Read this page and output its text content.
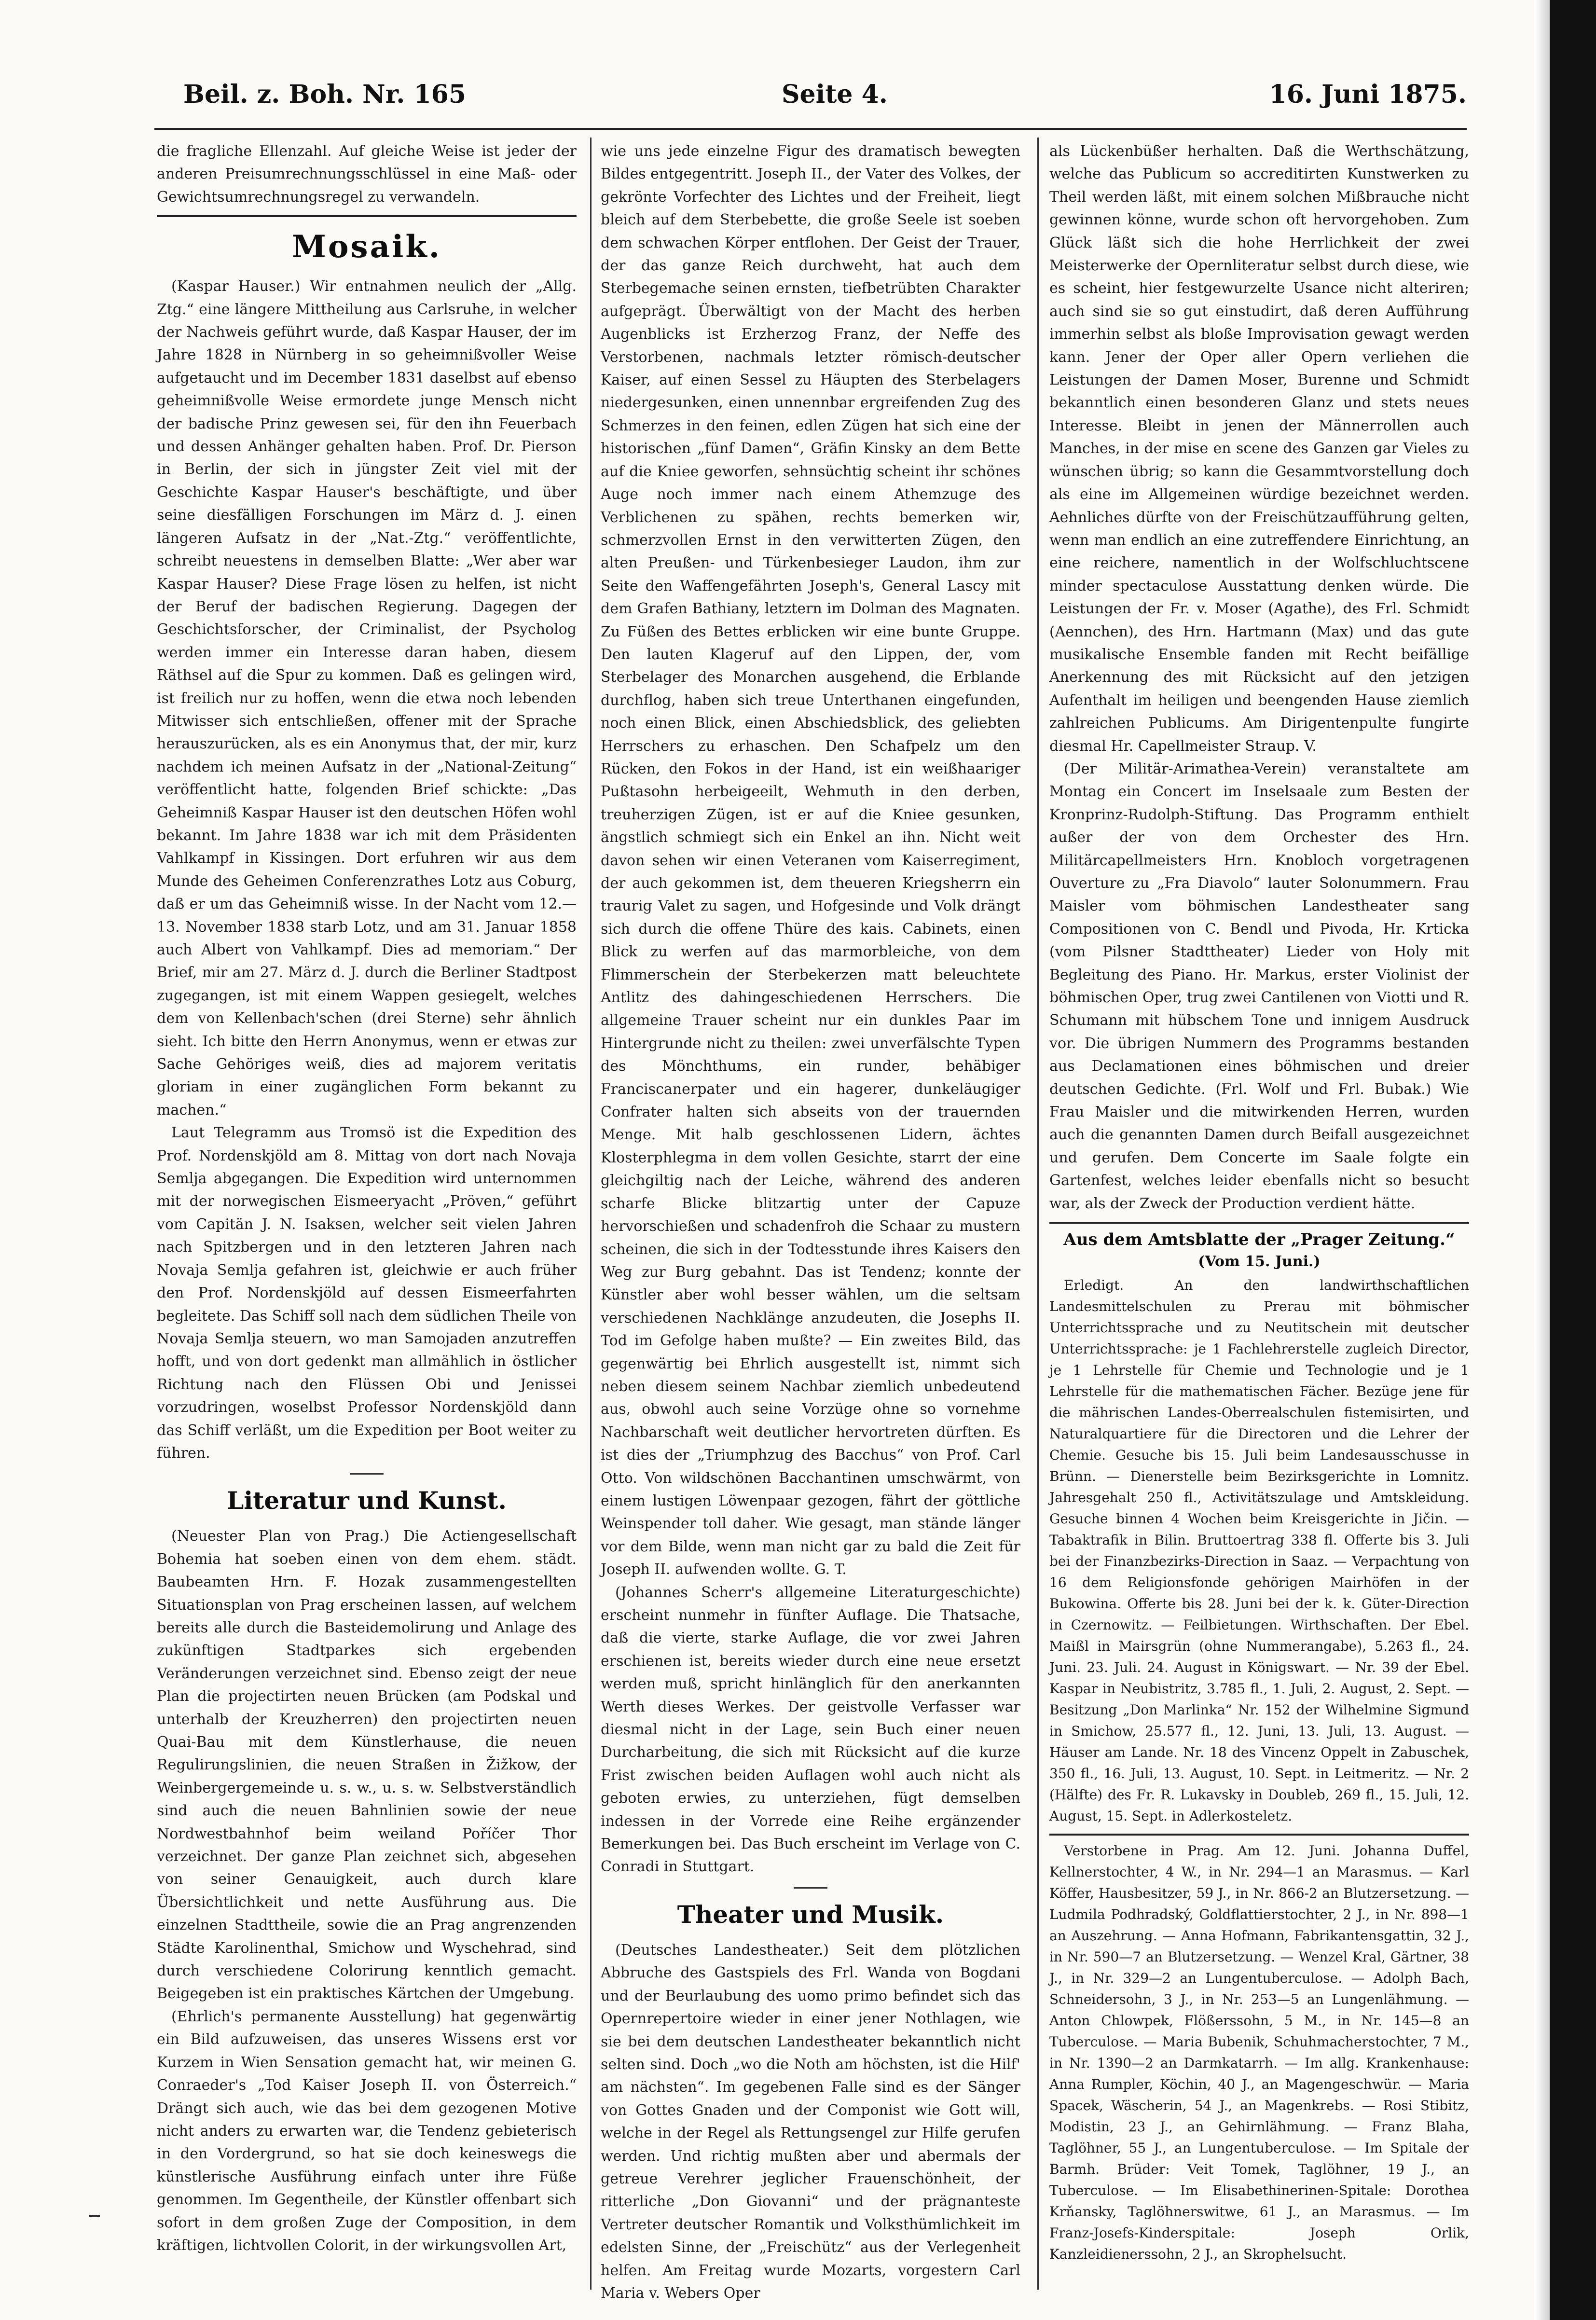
Beil. z. Boh. Nr. 165	Seite 4.	16. Juni 1875.

die fragliche Ellenzahl. Auf gleiche Weise ist jeder der anderen Preisumrechnungsschlüssel in eine Maß- oder Gewichtsumrechnungsregel zu verwandeln.

Mosaik.

(Kaspar Hauser.) Wir entnahmen neulich der „Allg. Ztg.“ eine längere Mittheilung aus Carlsruhe, in welcher der Nachweis geführt wurde, daß Kaspar Hauser, der im Jahre 1828 in Nürnberg in so geheimnißvoller Weise aufgetaucht und im December 1831 daselbst auf ebenso geheimnißvolle Weise ermordete junge Mensch nicht der badische Prinz gewesen sei, für den ihn Feuerbach und dessen Anhänger gehalten haben. Prof. Dr. Pierson in Berlin, der sich in jüngster Zeit viel mit der Geschichte Kaspar Hauser's beschäftigte, und über seine diesfälligen Forschungen im März d. J. einen längeren Aufsatz in der „Nat.-Ztg.“ veröffentlichte, schreibt neuestens in demselben Blatte: „Wer aber war Kaspar Hauser? Diese Frage lösen zu helfen, ist nicht der Beruf der badischen Regierung. Dagegen der Geschichtsforscher, der Criminalist, der Psycholog werden immer ein Interesse daran haben, diesem Räthsel auf die Spur zu kommen. Daß es gelingen wird, ist freilich nur zu hoffen, wenn die etwa noch lebenden Mitwisser sich entschließen, offener mit der Sprache herauszurücken, als es ein Anonymus that, der mir, kurz nachdem ich meinen Aufsatz in der „National-Zeitung“ veröffentlicht hatte, folgenden Brief schickte: „Das Geheimniß Kaspar Hauser ist den deutschen Höfen wohl bekannt. Im Jahre 1838 war ich mit dem Präsidenten Vahlkampf in Kissingen. Dort erfuhren wir aus dem Munde des Geheimen Conferenzrathes Lotz aus Coburg, daß er um das Geheimniß wisse. In der Nacht vom 12.—13. November 1838 starb Lotz, und am 31. Januar 1858 auch Albert von Vahlkampf. Dies ad memoriam.“ Der Brief, mir am 27. März d. J. durch die Berliner Stadtpost zugegangen, ist mit einem Wappen gesiegelt, welches dem von Kellenbach'schen (drei Sterne) sehr ähnlich sieht. Ich bitte den Herrn Anonymus, wenn er etwas zur Sache Gehöriges weiß, dies ad majorem veritatis gloriam in einer zugänglichen Form bekannt zu machen.“

Laut Telegramm aus Tromsö ist die Expedition des Prof. Nordenskjöld am 8. Mittag von dort nach Novaja Semlja abgegangen. Die Expedition wird unternommen mit der norwegischen Eismeeryacht „Pröven,“ geführt vom Capitän J. N. Isaksen, welcher seit vielen Jahren nach Spitzbergen und in den letzteren Jahren nach Novaja Semlja gefahren ist, gleichwie er auch früher den Prof. Nordenskjöld auf dessen Eismeerfahrten begleitete. Das Schiff soll nach dem südlichen Theile von Novaja Semlja steuern, wo man Samojaden anzutreffen hofft, und von dort gedenkt man allmählich in östlicher Richtung nach den Flüssen Obi und Jenissei vorzudringen, woselbst Professor Nordenskjöld dann das Schiff verläßt, um die Expedition per Boot weiter zu führen.

Literatur und Kunst.

(Neuester Plan von Prag.) Die Actiengesellschaft Bohemia hat soeben einen von dem ehem. städt. Baubeamten Hrn. F. Hozak zusammengestellten Situationsplan von Prag erscheinen lassen, auf welchem bereits alle durch die Basteidemolirung und Anlage des zukünftigen Stadtparkes sich ergebenden Veränderungen verzeichnet sind. Ebenso zeigt der neue Plan die projectirten neuen Brücken (am Podskal und unterhalb der Kreuzherren) den projectirten neuen Quai-Bau mit dem Künstlerhause, die neuen Regulirungslinien, die neuen Straßen in Žižkow, der Weinbergergemeinde u. s. w., u. s. w. Selbstverständlich sind auch die neuen Bahnlinien sowie der neue Nordwestbahnhof beim weiland Poříčer Thor verzeichnet. Der ganze Plan zeichnet sich, abgesehen von seiner Genauigkeit, auch durch klare Übersichtlichkeit und nette Ausführung aus. Die einzelnen Stadttheile, sowie die an Prag angrenzenden Städte Karolinenthal, Smichow und Wyschehrad, sind durch verschiedene Colorirung kenntlich gemacht. Beigegeben ist ein praktisches Kärtchen der Umgebung.

(Ehrlich's permanente Ausstellung) hat gegenwärtig ein Bild aufzuweisen, das unseres Wissens erst vor Kurzem in Wien Sensation gemacht hat, wir meinen G. Conraeder's „Tod Kaiser Joseph II. von Österreich.“ Drängt sich auch, wie das bei dem gezogenen Motive nicht anders zu erwarten war, die Tendenz gebieterisch in den Vordergrund, so hat sie doch keineswegs die künstlerische Ausführung einfach unter ihre Füße genommen. Im Gegentheile, der Künstler offenbart sich sofort in dem großen Zuge der Composition, in dem kräftigen, lichtvollen Colorit, in der wirkungsvollen Art,

wie uns jede einzelne Figur des dramatisch bewegten Bildes entgegentritt. Joseph II., der Vater des Volkes, der gekrönte Vorfechter des Lichtes und der Freiheit, liegt bleich auf dem Sterbebette, die große Seele ist soeben dem schwachen Körper entflohen. Der Geist der Trauer, der das ganze Reich durchweht, hat auch dem Sterbegemache seinen ernsten, tiefbetrübten Charakter aufgeprägt. Überwältigt von der Macht des herben Augenblicks ist Erzherzog Franz, der Neffe des Verstorbenen, nachmals letzter römisch-deutscher Kaiser, auf einen Sessel zu Häupten des Sterbelagers niedergesunken, einen unnennbar ergreifenden Zug des Schmerzes in den feinen, edlen Zügen hat sich eine der historischen „fünf Damen“, Gräfin Kinsky an dem Bette auf die Kniee geworfen, sehnsüchtig scheint ihr schönes Auge noch immer nach einem Athemzuge des Verblichenen zu spähen, rechts bemerken wir, schmerzvollen Ernst in den verwitterten Zügen, den alten Preußen- und Türkenbesieger Laudon, ihm zur Seite den Waffengefährten Joseph's, General Lascy mit dem Grafen Bathiany, letztern im Dolman des Magnaten. Zu Füßen des Bettes erblicken wir eine bunte Gruppe. Den lauten Klageruf auf den Lippen, der, vom Sterbelager des Monarchen ausgehend, die Erblande durchflog, haben sich treue Unterthanen eingefunden, noch einen Blick, einen Abschiedsblick, des geliebten Herrschers zu erhaschen. Den Schafpelz um den Rücken, den Fokos in der Hand, ist ein weißhaariger Pußtasohn herbeigeeilt, Wehmuth in den derben, treuherzigen Zügen, ist er auf die Kniee gesunken, ängstlich schmiegt sich ein Enkel an ihn. Nicht weit davon sehen wir einen Veteranen vom Kaiserregiment, der auch gekommen ist, dem theueren Kriegsherrn ein traurig Valet zu sagen, und Hofgesinde und Volk drängt sich durch die offene Thüre des kais. Cabinets, einen Blick zu werfen auf das marmorbleiche, von dem Flimmerschein der Sterbekerzen matt beleuchtete Antlitz des dahingeschiedenen Herrschers. Die allgemeine Trauer scheint nur ein dunkles Paar im Hintergrunde nicht zu theilen: zwei unverfälschte Typen des Mönchthums, ein runder, behäbiger Franciscanerpater und ein hagerer, dunkeläugiger Confrater halten sich abseits von der trauernden Menge. Mit halb geschlossenen Lidern, ächtes Klosterphlegma in dem vollen Gesichte, starrt der eine gleichgiltig nach der Leiche, während des anderen scharfe Blicke blitzartig unter der Capuze hervorschießen und schadenfroh die Schaar zu mustern scheinen, die sich in der Todtesstunde ihres Kaisers den Weg zur Burg gebahnt. Das ist Tendenz; konnte der Künstler aber wohl besser wählen, um die seltsam verschiedenen Nachklänge anzudeuten, die Josephs II. Tod im Gefolge haben mußte? — Ein zweites Bild, das gegenwärtig bei Ehrlich ausgestellt ist, nimmt sich neben diesem seinem Nachbar ziemlich unbedeutend aus, obwohl auch seine Vorzüge ohne so vornehme Nachbarschaft weit deutlicher hervortreten dürften. Es ist dies der „Triumphzug des Bacchus“ von Prof. Carl Otto. Von wildschönen Bacchantinen umschwärmt, von einem lustigen Löwenpaar gezogen, fährt der göttliche Weinspender toll daher. Wie gesagt, man stände länger vor dem Bilde, wenn man nicht gar zu bald die Zeit für Joseph II. aufwenden wollte. G. T.

(Johannes Scherr's allgemeine Literaturgeschichte) erscheint nunmehr in fünfter Auflage. Die Thatsache, daß die vierte, starke Auflage, die vor zwei Jahren erschienen ist, bereits wieder durch eine neue ersetzt werden muß, spricht hinlänglich für den anerkannten Werth dieses Werkes. Der geistvolle Verfasser war diesmal nicht in der Lage, sein Buch einer neuen Durcharbeitung, die sich mit Rücksicht auf die kurze Frist zwischen beiden Auflagen wohl auch nicht als geboten erwies, zu unterziehen, fügt demselben indessen in der Vorrede eine Reihe ergänzender Bemerkungen bei. Das Buch erscheint im Verlage von C. Conradi in Stuttgart.

Theater und Musik.

(Deutsches Landestheater.) Seit dem plötzlichen Abbruche des Gastspiels des Frl. Wanda von Bogdani und der Beurlaubung des uomo primo befindet sich das Opernrepertoire wieder in einer jener Nothlagen, wie sie bei dem deutschen Landestheater bekanntlich nicht selten sind. Doch „wo die Noth am höchsten, ist die Hilf' am nächsten“. Im gegebenen Falle sind es der Sänger von Gottes Gnaden und der Componist wie Gott will, welche in der Regel als Rettungsengel zur Hilfe gerufen werden. Und richtig mußten aber und abermals der getreue Verehrer jeglicher Frauenschönheit, der ritterliche „Don Giovanni“ und der prägnanteste Vertreter deutscher Romantik und Volksthümlichkeit im edelsten Sinne, der „Freischütz“ aus der Verlegenheit helfen. Am Freitag wurde Mozarts, vorgestern Carl Maria v. Webers Oper

als Lückenbüßer herhalten. Daß die Werthschätzung, welche das Publicum so accreditirten Kunstwerken zu Theil werden läßt, mit einem solchen Mißbrauche nicht gewinnen könne, wurde schon oft hervorgehoben. Zum Glück läßt sich die hohe Herrlichkeit der zwei Meisterwerke der Opernliteratur selbst durch diese, wie es scheint, hier festgewurzelte Usance nicht alteriren; auch sind sie so gut einstudirt, daß deren Aufführung immerhin selbst als bloße Improvisation gewagt werden kann. Jener der Oper aller Opern verliehen die Leistungen der Damen Moser, Burenne und Schmidt bekanntlich einen besonderen Glanz und stets neues Interesse. Bleibt in jenen der Männerrollen auch Manches, in der mise en scene des Ganzen gar Vieles zu wünschen übrig; so kann die Gesammtvorstellung doch als eine im Allgemeinen würdige bezeichnet werden. Aehnliches dürfte von der Freischützaufführung gelten, wenn man endlich an eine zutreffendere Einrichtung, an eine reichere, namentlich in der Wolfschluchtscene minder spectaculose Ausstattung denken würde. Die Leistungen der Fr. v. Moser (Agathe), des Frl. Schmidt (Aennchen), des Hrn. Hartmann (Max) und das gute musikalische Ensemble fanden mit Recht beifällige Anerkennung des mit Rücksicht auf den jetzigen Aufenthalt im heiligen und beengenden Hause ziemlich zahlreichen Publicums. Am Dirigentenpulte fungirte diesmal Hr. Capellmeister Straup. V.

(Der Militär-Arimathea-Verein) veranstaltete am Montag ein Concert im Inselsaale zum Besten der Kronprinz-Rudolph-Stiftung. Das Programm enthielt außer der von dem Orchester des Hrn. Militärcapellmeisters Hrn. Knobloch vorgetragenen Ouverture zu „Fra Diavolo“ lauter Solonummern. Frau Maisler vom böhmischen Landestheater sang Compositionen von C. Bendl und Pivoda, Hr. Krticka (vom Pilsner Stadttheater) Lieder von Holy mit Begleitung des Piano. Hr. Markus, erster Violinist der böhmischen Oper, trug zwei Cantilenen von Viotti und R. Schumann mit hübschem Tone und innigem Ausdruck vor. Die übrigen Nummern des Programms bestanden aus Declamationen eines böhmischen und dreier deutschen Gedichte. (Frl. Wolf und Frl. Bubak.) Wie Frau Maisler und die mitwirkenden Herren, wurden auch die genannten Damen durch Beifall ausgezeichnet und gerufen. Dem Concerte im Saale folgte ein Gartenfest, welches leider ebenfalls nicht so besucht war, als der Zweck der Production verdient hätte.

Aus dem Amtsblatte der „Prager Zeitung.“
(Vom 15. Juni.)

Erledigt. An den landwirthschaftlichen Landesmittelschulen zu Prerau mit böhmischer Unterrichtssprache und zu Neutitschein mit deutscher Unterrichtssprache: je 1 Fachlehrerstelle zugleich Director, je 1 Lehrstelle für Chemie und Technologie und je 1 Lehrstelle für die mathematischen Fächer. Bezüge jene für die mährischen Landes-Oberrealschulen fistemisirten, und Naturalquartiere für die Directoren und die Lehrer der Chemie. Gesuche bis 15. Juli beim Landesausschusse in Brünn. — Dienerstelle beim Bezirksgerichte in Lomnitz. Jahresgehalt 250 fl., Activitätszulage und Amtskleidung. Gesuche binnen 4 Wochen beim Kreisgerichte in Jičin. — Tabaktrafik in Bilin. Bruttoertrag 338 fl. Offerte bis 3. Juli bei der Finanzbezirks-Direction in Saaz. — Verpachtung von 16 dem Religionsfonde gehörigen Mairhöfen in der Bukowina. Offerte bis 28. Juni bei der k. k. Güter-Direction in Czernowitz. — Feilbietungen. Wirthschaften. Der Ebel. Maißl in Mairsgrün (ohne Nummerangabe), 5.263 fl., 24. Juni. 23. Juli. 24. August in Königswart. — Nr. 39 der Ebel. Kaspar in Neubistritz, 3.785 fl., 1. Juli, 2. August, 2. Sept. — Besitzung „Don Marlinka“ Nr. 152 der Wilhelmine Sigmund in Smichow, 25.577 fl., 12. Juni, 13. Juli, 13. August. — Häuser am Lande. Nr. 18 des Vincenz Oppelt in Zabuschek, 350 fl., 16. Juli, 13. August, 10. Sept. in Leitmeritz. — Nr. 2 (Hälfte) des Fr. R. Lukavsky in Doubleb, 269 fl., 15. Juli, 12. August, 15. Sept. in Adlerkosteletz.

Verstorbene in Prag. Am 12. Juni. Johanna Duffel, Kellnerstochter, 4 W., in Nr. 294—1 an Marasmus. — Karl Köffer, Hausbesitzer, 59 J., in Nr. 866-2 an Blutzersetzung. — Ludmila Podhradský, Goldflattierstochter, 2 J., in Nr. 898—1 an Auszehrung. — Anna Hofmann, Fabrikantensgattin, 32 J., in Nr. 590—7 an Blutzersetzung. — Wenzel Kral, Gärtner, 38 J., in Nr. 329—2 an Lungentuberculose. — Adolph Bach, Schneidersohn, 3 J., in Nr. 253—5 an Lungenlähmung. — Anton Chlowpek, Flößerssohn, 5 M., in Nr. 145—8 an Tuberculose. — Maria Bubenik, Schuhmacherstochter, 7 M., in Nr. 1390—2 an Darmkatarrh. — Im allg. Krankenhause: Anna Rumpler, Köchin, 40 J., an Magengeschwür. — Maria Spacek, Wäscherin, 54 J., an Magenkrebs. — Rosi Stibitz, Modistin, 23 J., an Gehirnlähmung. — Franz Blaha, Taglöhner, 55 J., an Lungentuberculose. — Im Spitale der Barmh. Brüder: Veit Tomek, Taglöhner, 19 J., an Tuberculose. — Im Elisabethinerinen-Spitale: Dorothea Krňansky, Taglöhnerswitwe, 61 J., an Marasmus. — Im Franz-Josefs-Kinderspitale: Joseph Orlik, Kanzleidienerssohn, 2 J., an Skrophelsucht.
